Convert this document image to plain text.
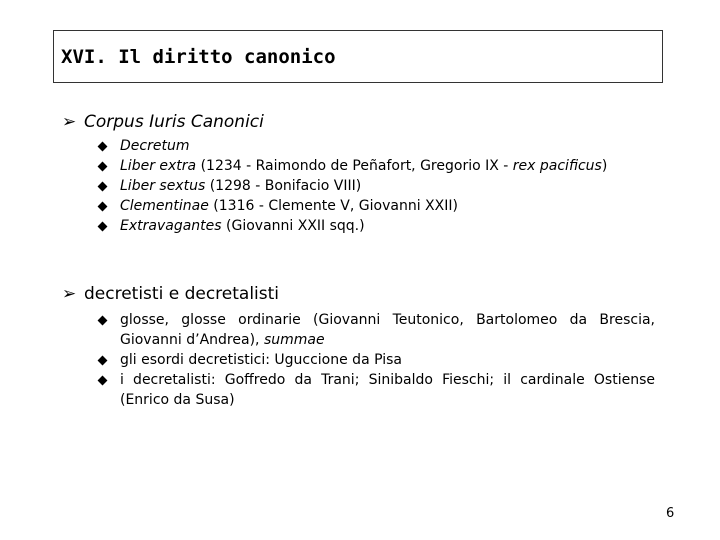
XVI. Il diritto canonico
➢ Corpus Iuris Canonici
Decretum
Liber extra (1234 - Raimondo de Peñafort, Gregorio IX - rex pacificus)
Liber sextus (1298 - Bonifacio VIII)
Clementinae (1316 - Clemente V, Giovanni XXII)
Extravagantes (Giovanni XXII sqq.)
➢ decretisti e decretalisti
glosse, glosse ordinarie (Giovanni Teutonico, Bartolomeo da Brescia,
Giovanni d’Andrea), summae
gli esordi decretistici: Uguccione da Pisa
i decretalisti: Goffredo da Trani; Sinibaldo Fieschi; il cardinale Ostiense
(Enrico da Susa)
6
